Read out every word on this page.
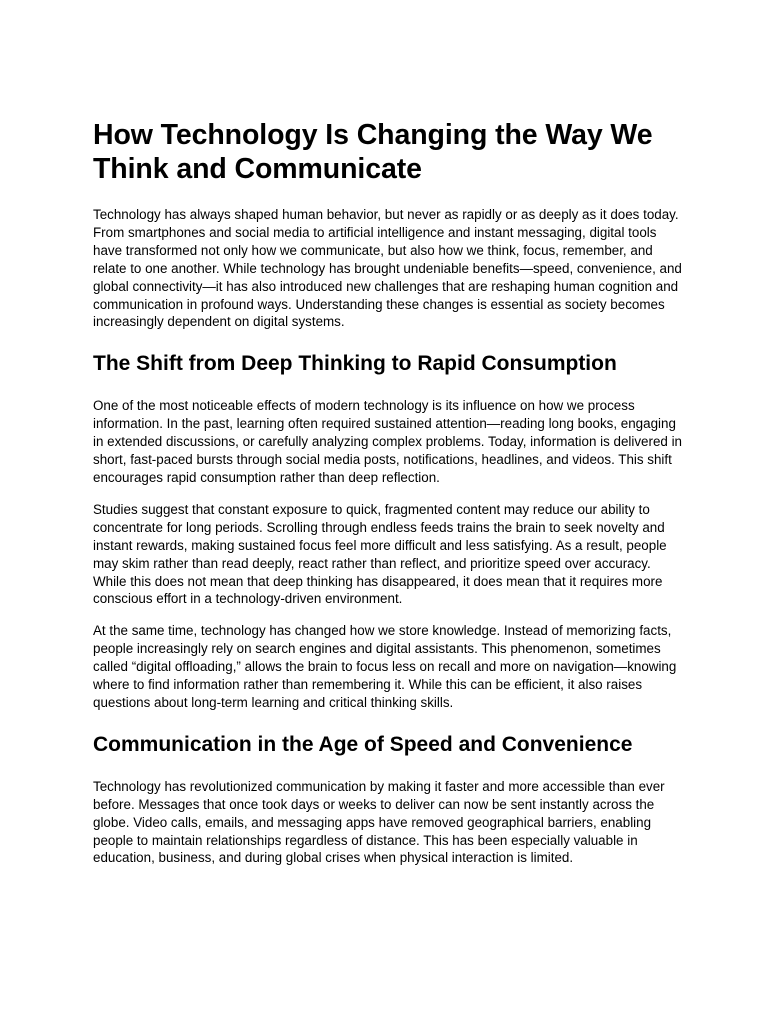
How Technology Is Changing the Way We Think and Communicate

Technology has always shaped human behavior, but never as rapidly or as deeply as it does today. From smartphones and social media to artificial intelligence and instant messaging, digital tools have transformed not only how we communicate, but also how we think, focus, remember, and relate to one another. While technology has brought undeniable benefits—speed, convenience, and global connectivity—it has also introduced new challenges that are reshaping human cognition and communication in profound ways. Understanding these changes is essential as society becomes increasingly dependent on digital systems.

The Shift from Deep Thinking to Rapid Consumption

One of the most noticeable effects of modern technology is its influence on how we process information. In the past, learning often required sustained attention—reading long books, engaging in extended discussions, or carefully analyzing complex problems. Today, information is delivered in short, fast-paced bursts through social media posts, notifications, headlines, and videos. This shift encourages rapid consumption rather than deep reflection.

Studies suggest that constant exposure to quick, fragmented content may reduce our ability to concentrate for long periods. Scrolling through endless feeds trains the brain to seek novelty and instant rewards, making sustained focus feel more difficult and less satisfying. As a result, people may skim rather than read deeply, react rather than reflect, and prioritize speed over accuracy. While this does not mean that deep thinking has disappeared, it does mean that it requires more conscious effort in a technology-driven environment.

At the same time, technology has changed how we store knowledge. Instead of memorizing facts, people increasingly rely on search engines and digital assistants. This phenomenon, sometimes called “digital offloading,” allows the brain to focus less on recall and more on navigation—knowing where to find information rather than remembering it. While this can be efficient, it also raises questions about long-term learning and critical thinking skills.

Communication in the Age of Speed and Convenience

Technology has revolutionized communication by making it faster and more accessible than ever before. Messages that once took days or weeks to deliver can now be sent instantly across the globe. Video calls, emails, and messaging apps have removed geographical barriers, enabling people to maintain relationships regardless of distance. This has been especially valuable in education, business, and during global crises when physical interaction is limited.
